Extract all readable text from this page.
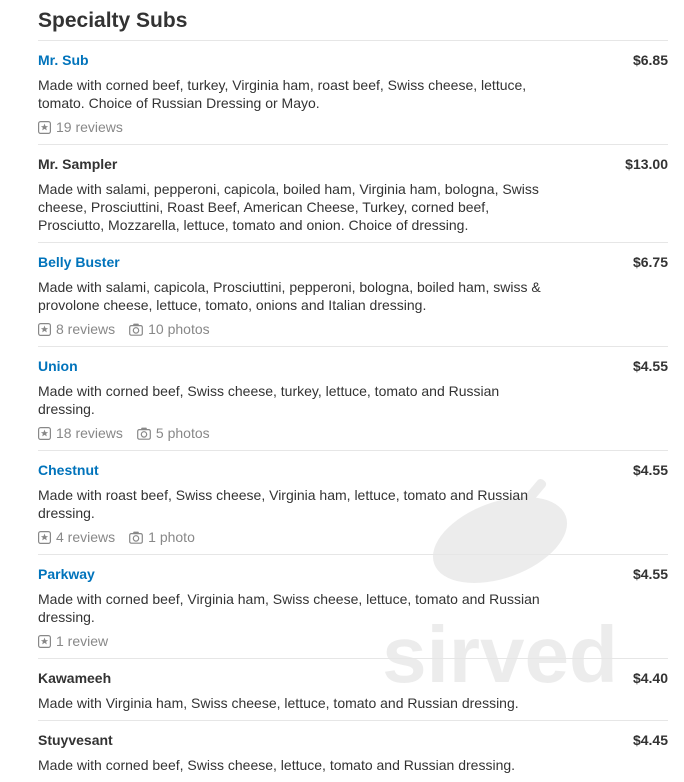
sirved
Specialty Subs
Mr. Sub	$6.85
Made with corned beef, turkey, Virginia ham, roast beef, Swiss cheese, lettuce, tomato. Choice of Russian Dressing or Mayo.
19 reviews
Mr. Sampler	$13.00
Made with salami, pepperoni, capicola, boiled ham, Virginia ham, bologna, Swiss cheese, Prosciuttini, Roast Beef, American Cheese, Turkey, corned beef, Prosciutto, Mozzarella, lettuce, tomato and onion. Choice of dressing.
Belly Buster	$6.75
Made with salami, capicola, Prosciuttini, pepperoni, bologna, boiled ham, swiss & provolone cheese, lettuce, tomato, onions and Italian dressing.
8 reviews 10 photos
Union	$4.55
Made with corned beef, Swiss cheese, turkey, lettuce, tomato and Russian dressing.
18 reviews 5 photos
Chestnut	$4.55
Made with roast beef, Swiss cheese, Virginia ham, lettuce, tomato and Russian dressing.
4 reviews 1 photo
Parkway	$4.55
Made with corned beef, Virginia ham, Swiss cheese, lettuce, tomato and Russian dressing.
1 review
Kawameeh	$4.40
Made with Virginia ham, Swiss cheese, lettuce, tomato and Russian dressing.
Stuyvesant	$4.45
Made with corned beef, Swiss cheese, lettuce, tomato and Russian dressing.
